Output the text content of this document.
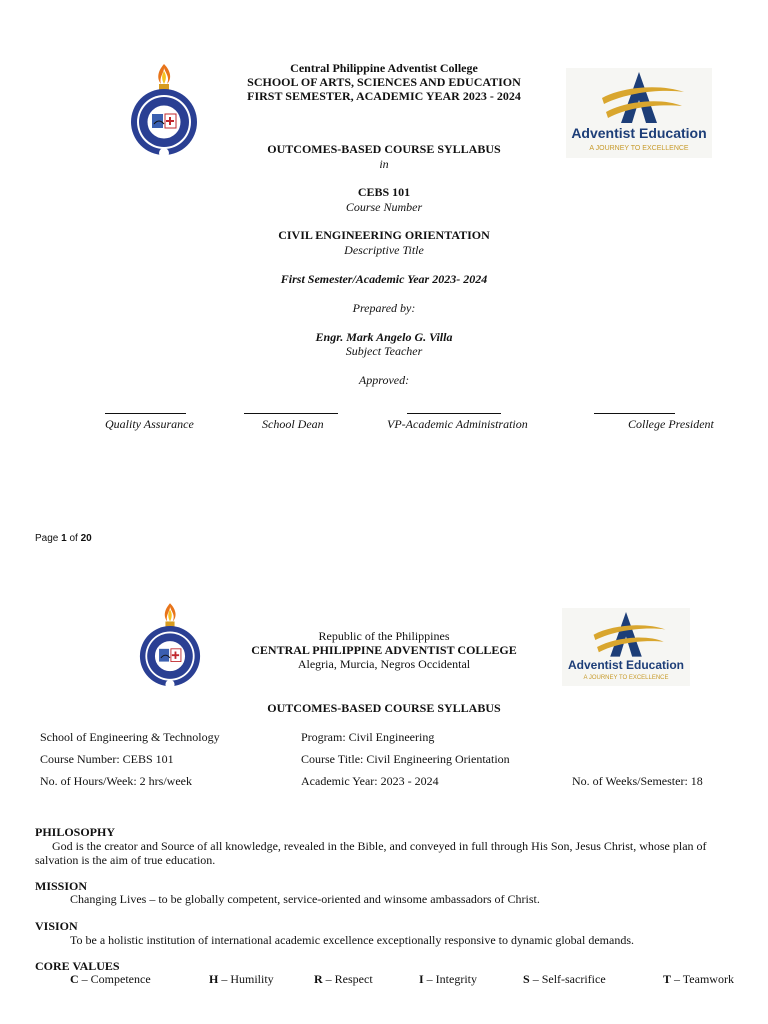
Central Philippine Adventist College
SCHOOL OF ARTS, SCIENCES AND EDUCATION
FIRST SEMESTER, ACADEMIC YEAR 2023 - 2024
Adventist Education
A JOURNEY TO EXCELLENCE
OUTCOMES-BASED COURSE SYLLABUS
in
CEBS 101
Course Number
CIVIL ENGINEERING ORIENTATION
Descriptive Title
First Semester/Academic Year 2023- 2024
Prepared by:
Engr. Mark Angelo G. Villa
Subject Teacher
Approved:
Quality Assurance	School Dean	VP-Academic Administration	College President
Page 1 of 20
Republic of the Philippines
CENTRAL PHILIPPINE ADVENTIST COLLEGE
Alegria, Murcia, Negros Occidental	Adventist Education
A JOURNEY TO EXCELLENCE
OUTCOMES-BASED COURSE SYLLABUS
School of Engineering & Technology	Program: Civil Engineering
Course Number: CEBS 101	Course Title: Civil Engineering Orientation
No. of Hours/Week: 2 hrs/week	Academic Year: 2023 - 2024	No. of Weeks/Semester: 18
PHILOSOPHY
God is the creator and Source of all knowledge, revealed in the Bible, and conveyed in full through His Son, Jesus Christ, whose plan of salvation is the aim of true education.
MISSION
Changing Lives – to be globally competent, service-oriented and winsome ambassadors of Christ.
VISION
To be a holistic institution of international academic excellence exceptionally responsive to dynamic global demands.
CORE VALUES
C – Competence	H – Humility	R – Respect	I – Integrity	S – Self-sacrifice	T – Teamwork
